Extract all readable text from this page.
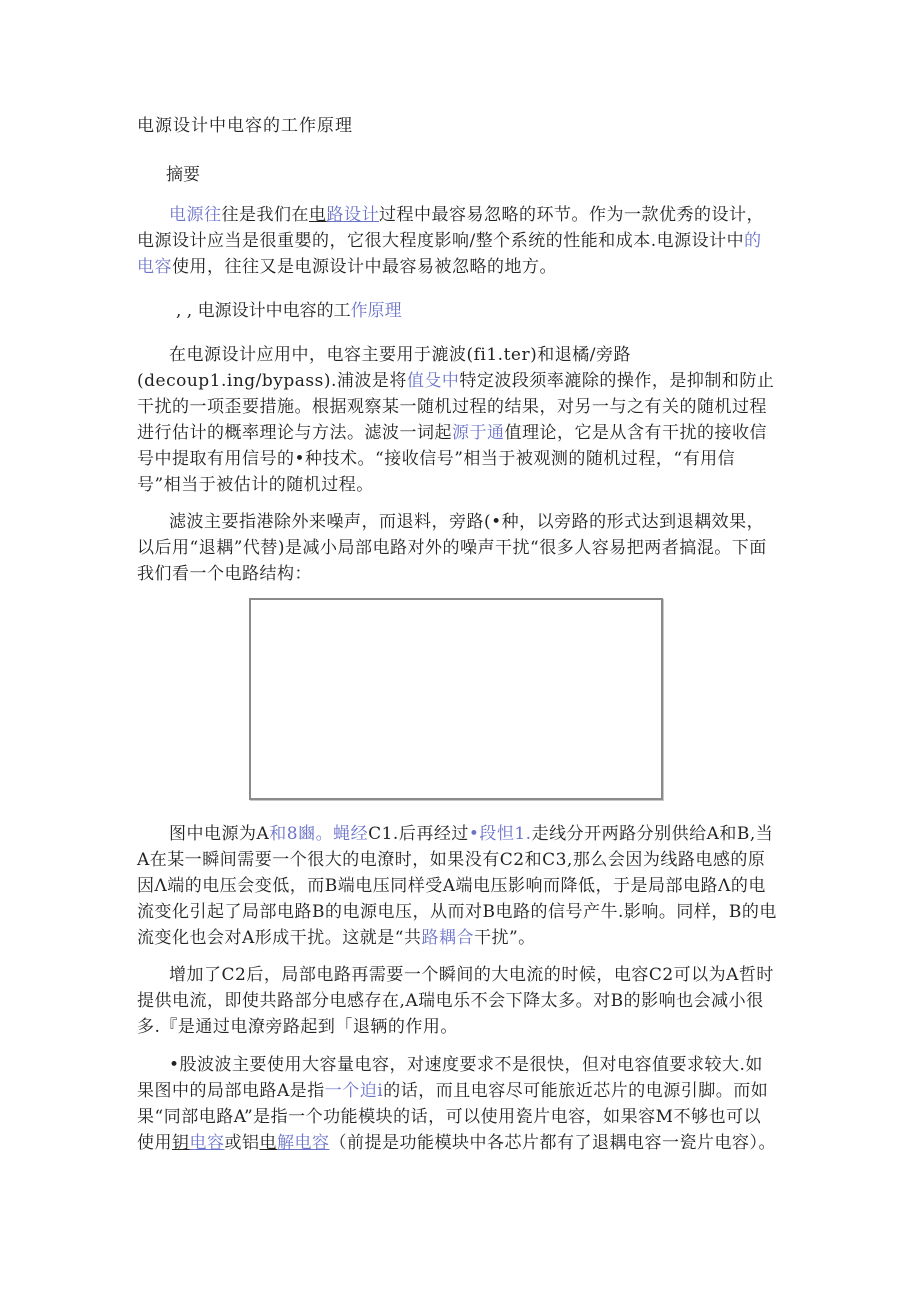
电源设计中电容的工作原理
摘要

电源往往是我们在电路设计过程中最容易忽略的环节。作为一款优秀的设计，电源设计应当是很重嬰的，它很大程度影响/整个系统的性能和成本.电源设计中的电容使用，往往又是电源设计中最容易被忽略的地方。

, , 电源设计中电容的工作原理

在电源设计应用中，电容主要用于漉波(fi1.ter)和退橘/旁路(decoup1.ing/bypass).浦波是将值殳中特定波段须率漉除的操作，是抑制和防止干扰的一项歪要措施。根据观察某一随机过程的结果，对另一与之有关的随机过程进行估计的概率理论与方法。滤波一词起源于通值理论，它是从含有干扰的接收信号中提取有用信号的•种技术。“接收信号”相当于被观测的随机过程，“有用信号”相当于被估计的随机过程。

滤波主要指港除外来噪声，而退料，旁路(•种，以旁路的形式达到退耦效果，以后用“退耦”代替)是减小局部电路对外的噪声干扰“很多人容易把两者搞混。下面我们看一个电路结构：

图中电源为A和8豳。蝇经C1.后再经过•段怛1.走线分开两路分别供给A和B,当A在某一瞬间需要一个很大的电潦时，如果没有C2和C3,那么会因为线路电感的原因Λ端的电压会变低，而B端电压同样受A端电压影响而降低，于是局部电路Λ的电流变化引起了局部电路B的电源电压，从而对B电路的信号产牛.影响。同样，B的电流变化也会对A形成干扰。这就是“共路耦合干扰”。

增加了C2后，局部电路再需要一个瞬间的大电流的时候，电容C2可以为A哲时提供电流，即使共路部分电感存在,A瑞电乐不会下降太多。对B的影响也会减小很多.『是通过电潦旁路起到「退辆的作用。

•股波波主要使用大容量电容，对速度要求不是很快，但对电容值要求较大.如果图中的局部电路A是指一个迫i的话，而且电容尽可能旅近芯片的电源引脚。而如果“同部电路A”是指一个功能模块的话，可以使用瓷片电容，如果容M不够也可以使用钥电容或铝电解电容（前提是功能模块中各芯片都有了退耦电容一瓷片电容）。
